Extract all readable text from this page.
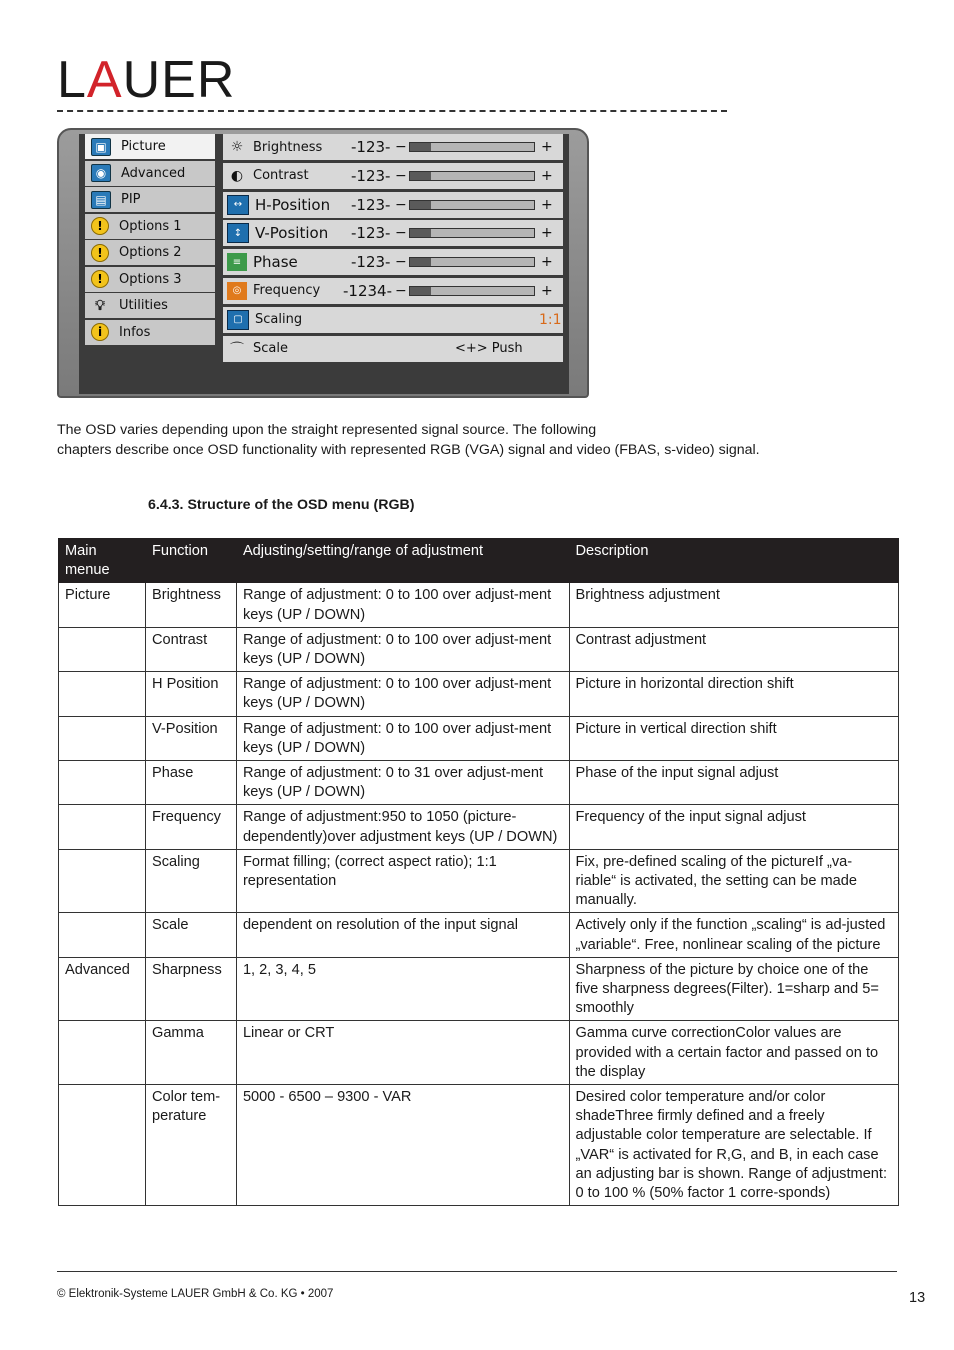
LAUER
▣	Picture
◉	Advanced
▤	PIP
!	Options 1
!	Options 2
!	Options 3
💡︎	Utilities
i	Infos
☼ Brightness	-123- −	+
◐ Contrast	-123- −	+
↔ H-Position	-123- −	+
↕ V-Position	-123- −	+
≡ Phase	-123- −	+
◎ Frequency	-1234- −	+
▢ Scaling	1:1
⌒ Scale	<+> Push
The OSD varies depending upon the straight represented signal source. The following
chapters describe once OSD functionality with represented RGB (VGA) signal and video (FBAS, s-video) signal.
6.4.3. Structure of the OSD menu (RGB)
Main menue	Function	Adjusting/setting/range of adjustment	Description
Picture	Brightness	Range of adjustment: 0 to 100 over adjust-ment keys (UP / DOWN)	Brightness adjustment
	Contrast	Range of adjustment: 0 to 100 over adjust-ment keys (UP / DOWN)	Contrast adjustment
	H Position	Range of adjustment: 0 to 100 over adjust-ment keys (UP / DOWN)	Picture in horizontal direction shift
	V-Position	Range of adjustment: 0 to 100 over adjust-ment keys (UP / DOWN)	Picture in vertical direction shift
	Phase	Range of adjustment: 0 to 31 over adjust-ment keys (UP / DOWN)	Phase of the input signal adjust
	Frequency	Range of adjustment:950 to 1050 (picture-dependently)over adjustment keys (UP / DOWN)	Frequency of the input signal adjust
	Scaling	Format filling; (correct aspect ratio); 1:1 representation	Fix, pre-defined scaling of the pictureIf „va-riable“ is activated, the setting can be made manually.
	Scale	dependent on resolution of the input signal	Actively only if the function „scaling“ is ad-justed „variable“. Free, nonlinear scaling of the picture
Advanced	Sharpness	1, 2, 3, 4, 5	Sharpness of the picture by choice one of the five sharpness degrees(Filter). 1=sharp and 5= smoothly
	Gamma	Linear or CRT	Gamma curve correctionColor values are provided with a certain factor and passed on to the display
	Color tem-perature	5000 - 6500 – 9300 - VAR	Desired color temperature and/or color shadeThree firmly defined and a freely adjustable color temperature are selectable. If „VAR“ is activated for R,G, and B, in each case an adjusting bar is shown. Range of adjustment: 0 to 100 % (50% factor 1 corre-sponds)
© Elektronik-Systeme LAUER GmbH & Co. KG • 2007	13
